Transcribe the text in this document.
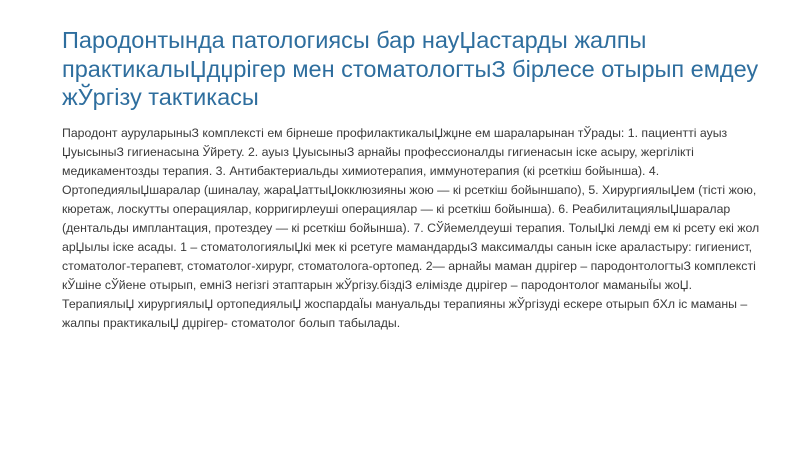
Пародонтында патологиясы бар науЏастарды жалпы практикалыЏдџрігер мен стоматологтыЗ бірлесе отырып емдеу жЎргізу тактикасы

Пародонт ауруларыныЗ комплексті ем бірнеше профилактикалыЏжџне ем шараларынан тЎрады: 1. пациентті ауыз ЏуысыныЗ гигиенасына Ўйрету. 2. ауыз ЏуысыныЗ арнайы профессионалды гигиенасын іске асыру, жергілікті медикаментозды терапия. 3. Антибактериальды химиотерапия, иммунотерапия (кі рсеткіш бойынша). 4. ОртопедиялыЏшаралар (шиналау, жараЏаттыЏокклюзияны жою — кі рсеткіш бойыншапо), 5. ХирургиялыЏем (тісті жою, кюретаж, лоскутты операциялар, корригирлеуші операциялар — кі рсеткіш бойынша). 6. РеабилитациялыЏшаралар (дентальды имплантация, протездеу — кі рсеткіш бойынша). 7. СЎйемелдеуші терапия. ТолыЏкі лемді ем кі рсету екі жол арЏылы іске асады. 1 – стоматологиялыЏкі мек кі рсетуге мамандардыЗ максималды санын іске араластыру: гигиенист, стоматолог-терапевт, стоматолог-хирург, стоматолога-ортопед. 2— арнайы маман дџрігер – пародонтологтыЗ комплексті кЎшіне сЎйене отырып, емніЗ негізгі этаптарын жЎргізу.біздіЗ елімізде дџрігер – пародонтолог маманыЇы жоЏ. ТерапиялыЏ хирургиялыЏ ортопедиялыЏ жоспардаЇы мануальды терапияны жЎргізуді ескере отырып бХл іс маманы – жалпы практикалыЏ дџрігер- стоматолог болып табылады.
